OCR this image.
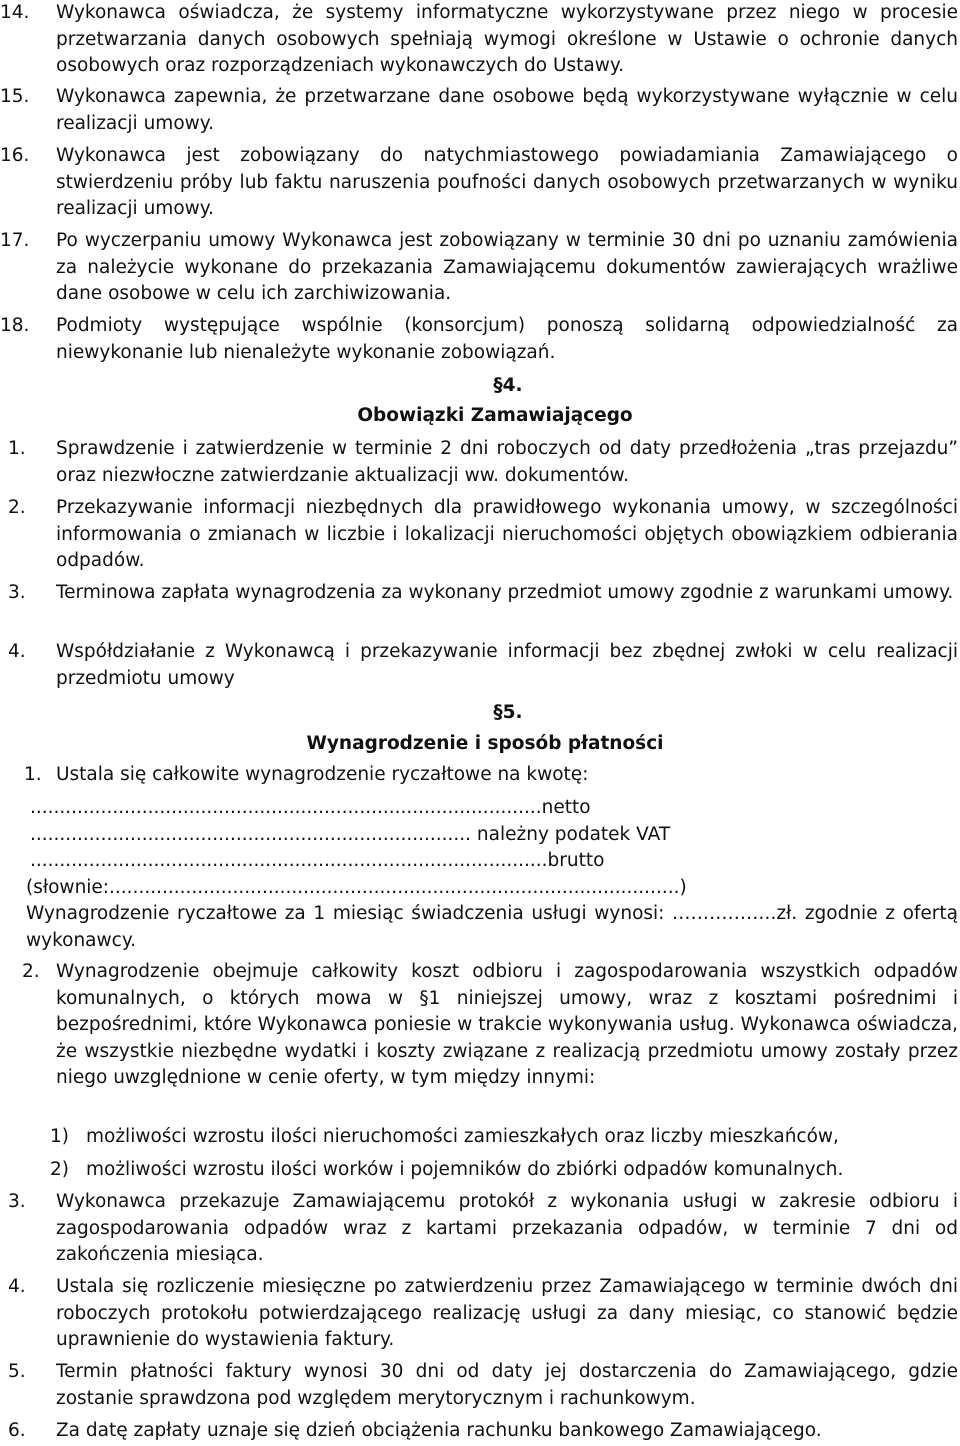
14.	Wykonawca oświadcza, że systemy informatyczne wykorzystywane przez niego w procesie przetwarzania danych osobowych spełniają wymogi określone w Ustawie o ochronie danych osobowych oraz rozporządzeniach wykonawczych do Ustawy.
15.	Wykonawca zapewnia, że przetwarzane dane osobowe będą wykorzystywane wyłącznie w celu realizacji umowy.
16.	Wykonawca jest zobowiązany do natychmiastowego powiadamiania Zamawiającego o stwierdzeniu próby lub faktu naruszenia poufności danych osobowych przetwarzanych w wyniku realizacji umowy.
17.	Po wyczerpaniu umowy Wykonawca jest zobowiązany w terminie 30 dni po uznaniu zamówienia za należycie wykonane do przekazania Zamawiającemu dokumentów zawierających wrażliwe dane osobowe w celu ich zarchiwizowania.
18.	Podmioty występujące wspólnie (konsorcjum) ponoszą solidarną odpowiedzialność za niewykonanie lub nienależyte wykonanie zobowiązań.
§4.
Obowiązki Zamawiającego
1.	Sprawdzenie i zatwierdzenie w terminie 2 dni roboczych od daty przedłożenia „tras przejazdu” oraz niezwłoczne zatwierdzanie aktualizacji ww. dokumentów.
2.	Przekazywanie informacji niezbędnych dla prawidłowego wykonania umowy, w szczególności informowania o zmianach w liczbie i lokalizacji nieruchomości objętych obowiązkiem odbierania odpadów.
3.	Terminowa zapłata wynagrodzenia za wykonany przedmiot umowy zgodnie z warunkami umowy.
4.	Współdziałanie z Wykonawcą i przekazywanie informacji bez zbędnej zwłoki w celu realizacji przedmiotu umowy
§5.
Wynagrodzenie i sposób płatności
1. Ustala się całkowite wynagrodzenie ryczałtowe na kwotę:
.......................................................................................netto
........................................................................... należny podatek VAT
........................................................................................brutto
(słownie:.................................................................................................)
Wynagrodzenie ryczałtowe za 1 miesiąc świadczenia usługi wynosi: ……………..zł. zgodnie z ofertą wykonawcy.
2. Wynagrodzenie obejmuje całkowity koszt odbioru i zagospodarowania wszystkich odpadów komunalnych, o których mowa w §1 niniejszej umowy, wraz z kosztami pośrednimi i bezpośrednimi, które Wykonawca poniesie w trakcie wykonywania usług. Wykonawca oświadcza, że wszystkie niezbędne wydatki i koszty związane z realizacją przedmiotu umowy zostały przez niego uwzględnione w cenie oferty, w tym między innymi:
1) możliwości wzrostu ilości nieruchomości zamieszkałych oraz liczby mieszkańców,
2) możliwości wzrostu ilości worków i pojemników do zbiórki odpadów komunalnych.
3.	Wykonawca przekazuje Zamawiającemu protokół z wykonania usługi w zakresie odbioru i zagospodarowania odpadów wraz z kartami przekazania odpadów, w terminie 7 dni od zakończenia miesiąca.
4.	Ustala się rozliczenie miesięczne po zatwierdzeniu przez Zamawiającego w terminie dwóch dni roboczych protokołu potwierdzającego realizację usługi za dany miesiąc, co stanowić będzie uprawnienie do wystawienia faktury.
5.	Termin płatności faktury wynosi 30 dni od daty jej dostarczenia do Zamawiającego, gdzie zostanie sprawdzona pod względem merytorycznym i rachunkowym.
6.	Za datę zapłaty uznaje się dzień obciążenia rachunku bankowego Zamawiającego.
